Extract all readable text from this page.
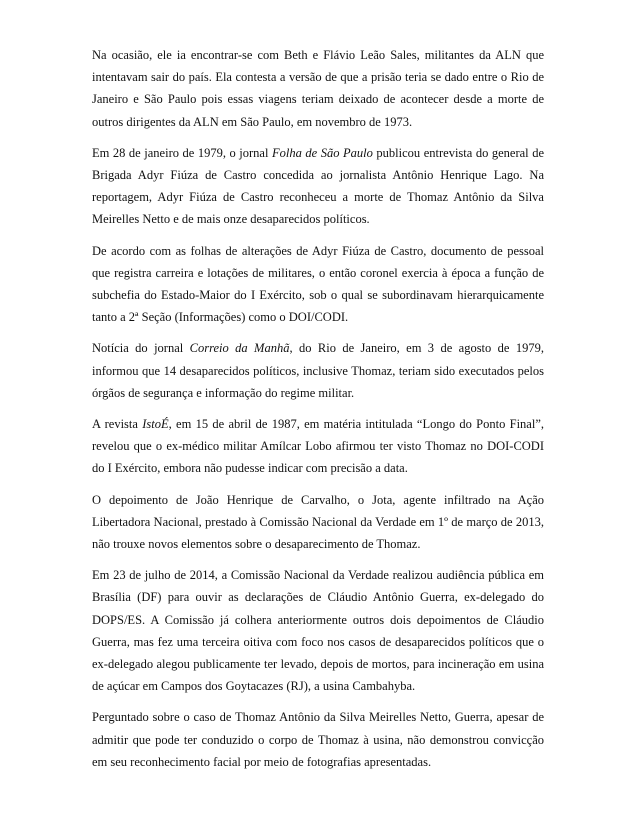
Na ocasião, ele ia encontrar-se com Beth e Flávio Leão Sales, militantes da ALN que intentavam sair do país. Ela contesta a versão de que a prisão teria se dado entre o Rio de Janeiro e São Paulo pois essas viagens teriam deixado de acontecer desde a morte de outros dirigentes da ALN em São Paulo, em novembro de 1973.

Em 28 de janeiro de 1979, o jornal Folha de São Paulo publicou entrevista do general de Brigada Adyr Fiúza de Castro concedida ao jornalista Antônio Henrique Lago. Na reportagem, Adyr Fiúza de Castro reconheceu a morte de Thomaz Antônio da Silva Meirelles Netto e de mais onze desaparecidos políticos.

De acordo com as folhas de alterações de Adyr Fiúza de Castro, documento de pessoal que registra carreira e lotações de militares, o então coronel exercia à época a função de subchefia do Estado-Maior do I Exército, sob o qual se subordinavam hierarquicamente tanto a 2ª Seção (Informações) como o DOI/CODI.

Notícia do jornal Correio da Manhã, do Rio de Janeiro, em 3 de agosto de 1979, informou que 14 desaparecidos políticos, inclusive Thomaz, teriam sido executados pelos órgãos de segurança e informação do regime militar.

A revista IstoÉ, em 15 de abril de 1987, em matéria intitulada “Longo do Ponto Final”, revelou que o ex-médico militar Amílcar Lobo afirmou ter visto Thomaz no DOI-CODI do I Exército, embora não pudesse indicar com precisão a data.

O depoimento de João Henrique de Carvalho, o Jota, agente infiltrado na Ação Libertadora Nacional, prestado à Comissão Nacional da Verdade em 1º de março de 2013, não trouxe novos elementos sobre o desaparecimento de Thomaz.

Em 23 de julho de 2014, a Comissão Nacional da Verdade realizou audiência pública em Brasília (DF) para ouvir as declarações de Cláudio Antônio Guerra, ex-delegado do DOPS/ES. A Comissão já colhera anteriormente outros dois depoimentos de Cláudio Guerra, mas fez uma terceira oitiva com foco nos casos de desaparecidos políticos que o ex-delegado alegou publicamente ter levado, depois de mortos, para incineração em usina de açúcar em Campos dos Goytacazes (RJ), a usina Cambahyba.

Perguntado sobre o caso de Thomaz Antônio da Silva Meirelles Netto, Guerra, apesar de admitir que pode ter conduzido o corpo de Thomaz à usina, não demonstrou convicção em seu reconhecimento facial por meio de fotografias apresentadas.
